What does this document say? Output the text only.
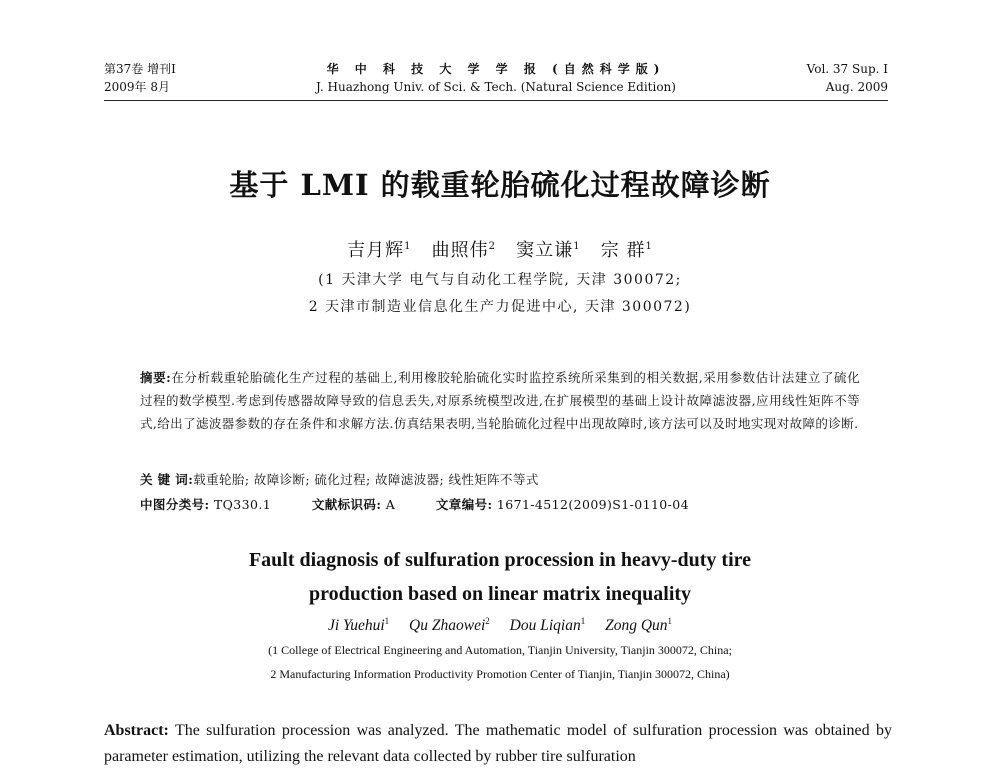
第37卷 增刊Ⅰ
2009年 8月
华 中 科 技 大 学 学 报 (自然科学版)
J. Huazhong Univ. of Sci. & Tech. (Natural Science Edition)
Vol. 37 Sup. Ⅰ
Aug. 2009
基于 LMI 的载重轮胎硫化过程故障诊断
吉月辉$^1$ 曲照伟$^2$ 窦立谦$^1$ 宗 群$^1$
(1 天津大学 电气与自动化工程学院, 天津 300072;
2 天津市制造业信息化生产力促进中心, 天津 300072)
摘要:在分析载重轮胎硫化生产过程的基础上,利用橡胶轮胎硫化实时监控系统所采集到的相关数据,采用参数估计法建立了硫化过程的数学模型.考虑到传感器故障导致的信息丢失,对原系统模型改进,在扩展模型的基础上设计故障滤波器,应用线性矩阵不等式,给出了滤波器参数的存在条件和求解方法.仿真结果表明,当轮胎硫化过程中出现故障时,该方法可以及时地实现对故障的诊断.
关 键 词:载重轮胎; 故障诊断; 硫化过程; 故障滤波器; 线性矩阵不等式
中图分类号: TQ330.1	文献标识码: A	文章编号: 1671-4512(2009)S1-0110-04
Fault diagnosis of sulfuration procession in heavy-duty tire
production based on linear matrix inequality
Ji Yuehui$^1$ Qu Zhaowei$^2$ Dou Liqian$^1$ Zong Qun$^1$
(1 College of Electrical Engineering and Automation, Tianjin University, Tianjin 300072, China;
2 Manufacturing Information Productivity Promotion Center of Tianjin, Tianjin 300072, China)
Abstract: The sulfuration procession was analyzed. The mathematic model of sulfuration procession was obtained by parameter estimation, utilizing the relevant data collected by rubber tire sulfuration
